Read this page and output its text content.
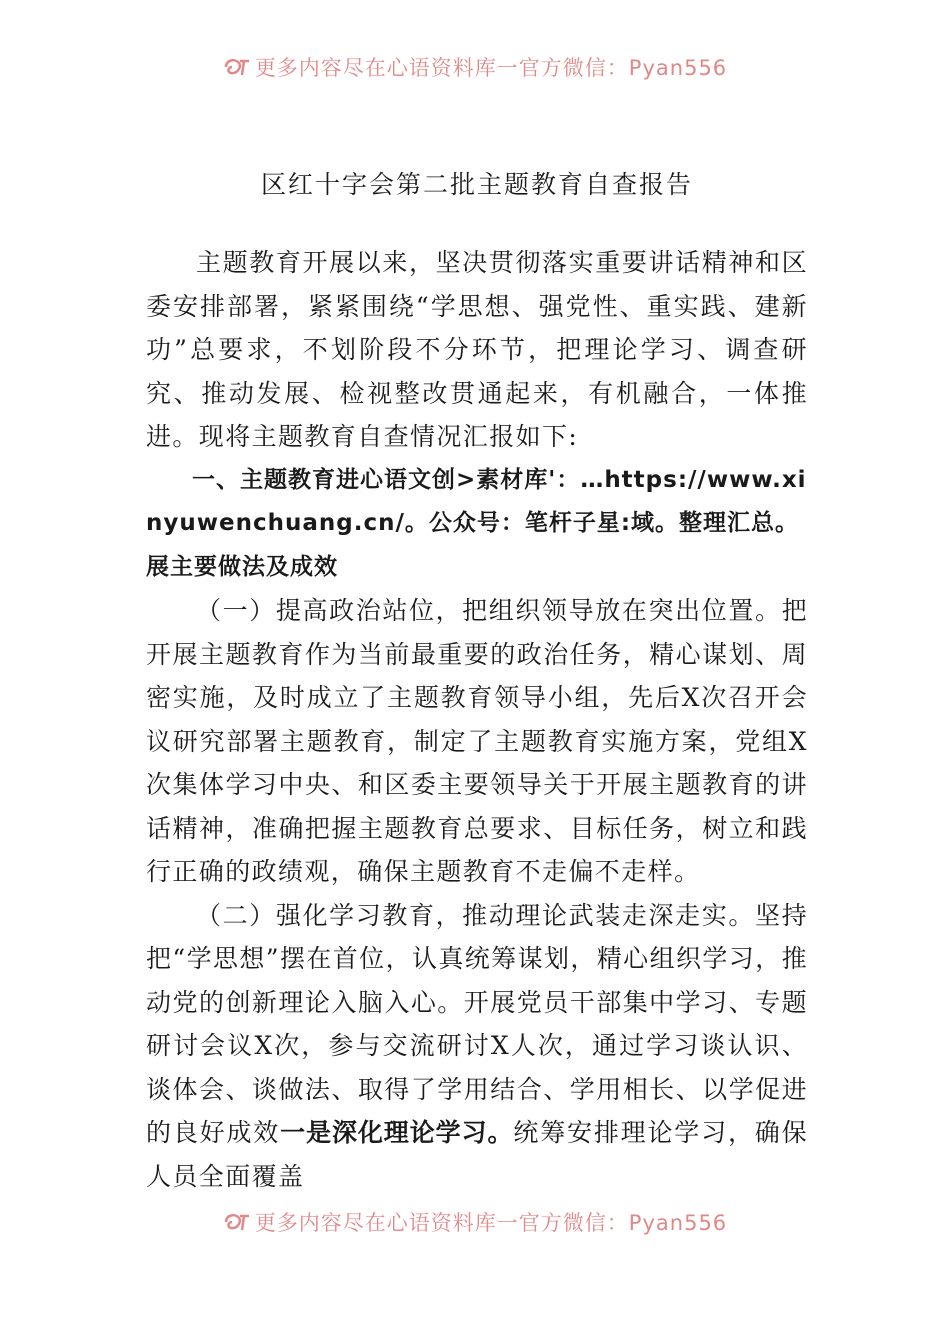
更多内容尽在心语资料库一官方微信：Pyan556
区红十字会第二批主题教育自查报告

主题教育开展以来，坚决贯彻落实重要讲话精神和区委安排部署，紧紧围绕“学思想、强党性、重实践、建新功”总要求，不划阶段不分环节，把理论学习、调查研究、推动发展、检视整改贯通起来，有机融合，一体推进。现将主题教育自查情况汇报如下:

一、主题教育进心语文创>素材库'：…https://www.xinyuwenchuang.cn/。公众号：笔杆子星:域。整理汇总。展主要做法及成效

（一）提高政治站位，把组织领导放在突出位置。把开展主题教育作为当前最重要的政治任务，精心谋划、周密实施，及时成立了主题教育领导小组，先后X次召开会议研究部署主题教育，制定了主题教育实施方案，党组X次集体学习中央、和区委主要领导关于开展主题教育的讲话精神，准确把握主题教育总要求、目标任务，树立和践行正确的政绩观，确保主题教育不走偏不走样。

（二）强化学习教育，推动理论武装走深走实。坚持把“学思想”摆在首位，认真统筹谋划，精心组织学习，推动党的创新理论入脑入心。开展党员干部集中学习、专题研讨会议X次，参与交流研讨X人次，通过学习谈认识、谈体会、谈做法、取得了学用结合、学用相长、以学促进的良好成效一是深化理论学习。统筹安排理论学习，确保人员全面覆盖

更多内容尽在心语资料库一官方微信：Pyan556
